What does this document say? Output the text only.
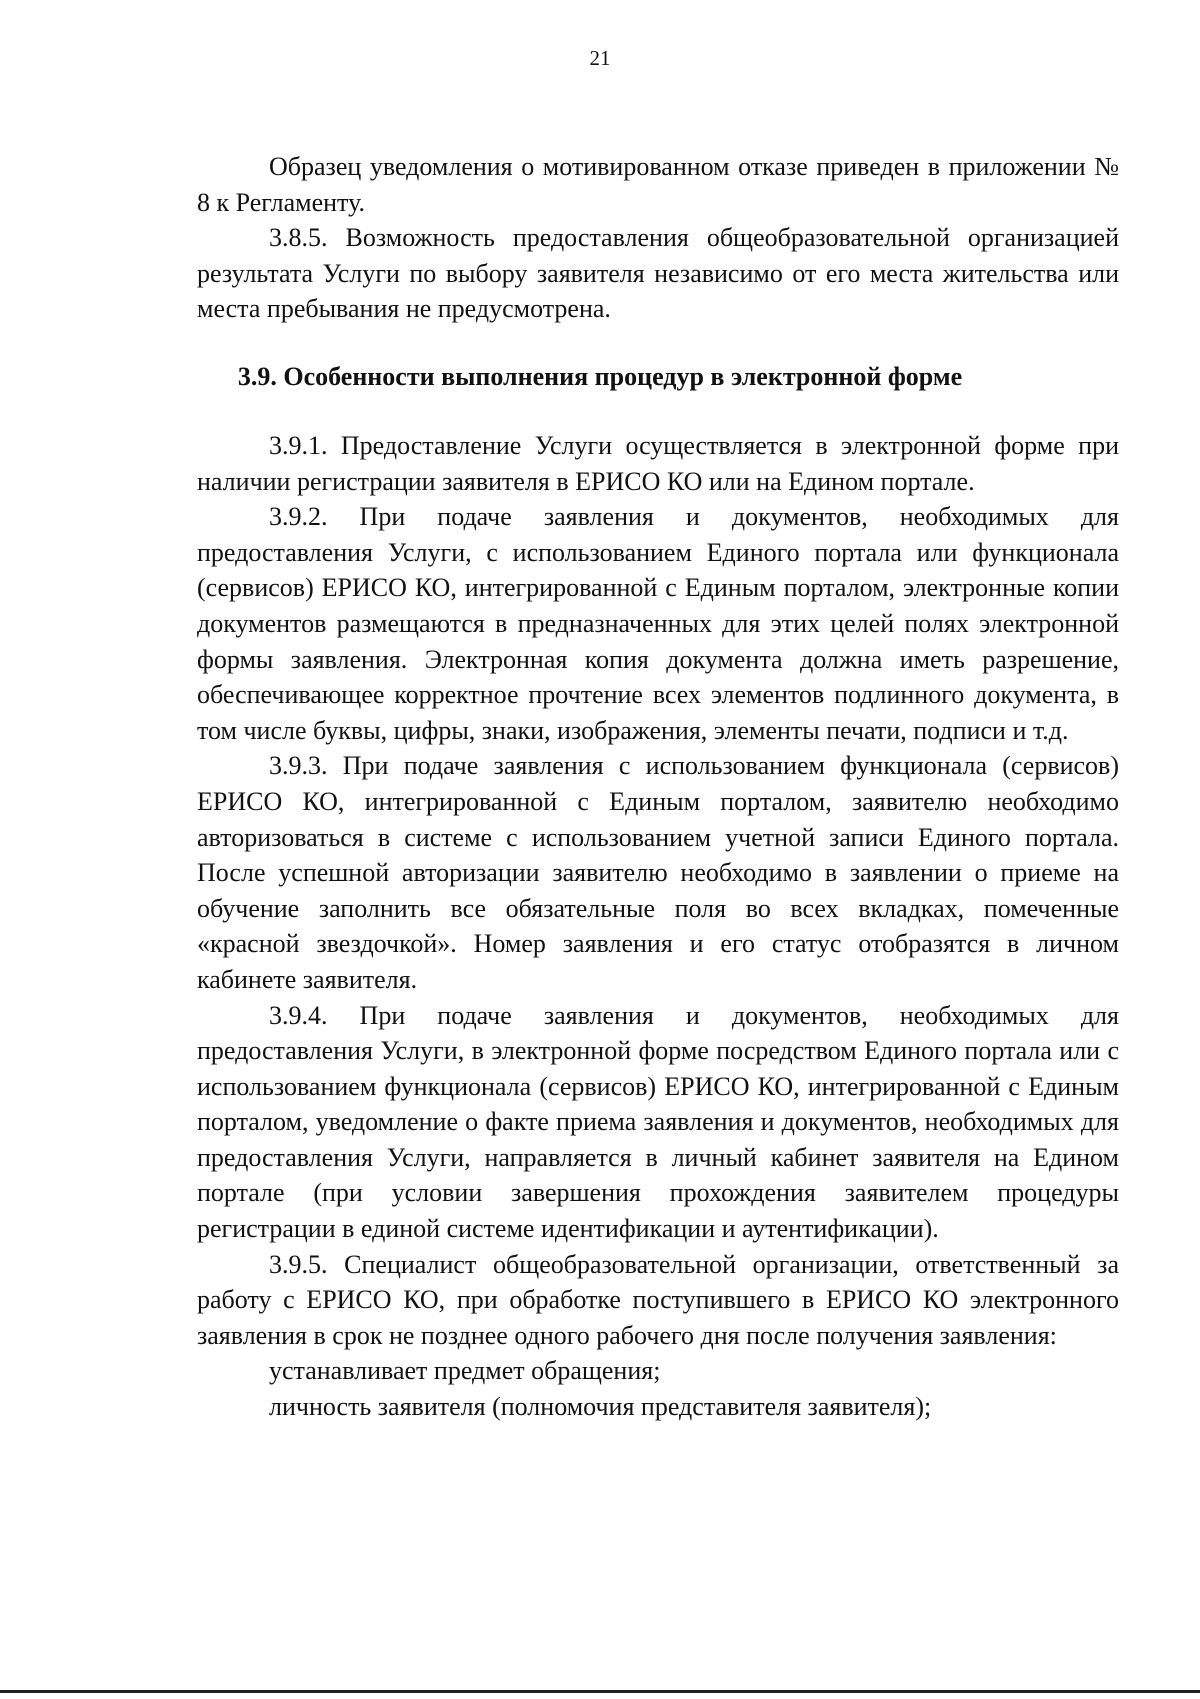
21

Образец уведомления о мотивированном отказе приведен в приложении № 8 к Регламенту.

3.8.5. Возможность предоставления общеобразовательной организацией результата Услуги по выбору заявителя независимо от его места жительства или места пребывания не предусмотрена.

3.9. Особенности выполнения процедур в электронной форме

3.9.1. Предоставление Услуги осуществляется в электронной форме при наличии регистрации заявителя в ЕРИСО КО или на Едином портале.

3.9.2. При подаче заявления и документов, необходимых для предоставления Услуги, с использованием Единого портала или функционала (сервисов) ЕРИСО КО, интегрированной с Единым порталом, электронные копии документов размещаются в предназначенных для этих целей полях электронной формы заявления. Электронная копия документа должна иметь разрешение, обеспечивающее корректное прочтение всех элементов подлинного документа, в том числе буквы, цифры, знаки, изображения, элементы печати, подписи и т.д.

3.9.3. При подаче заявления с использованием функционала (сервисов) ЕРИСО КО, интегрированной с Единым порталом, заявителю необходимо авторизоваться в системе с использованием учетной записи Единого портала. После успешной авторизации заявителю необходимо в заявлении о приеме на обучение заполнить все обязательные поля во всех вкладках, помеченные «красной звездочкой». Номер заявления и его статус отобразятся в личном кабинете заявителя.

3.9.4. При подаче заявления и документов, необходимых для предоставления Услуги, в электронной форме посредством Единого портала или с использованием функционала (сервисов) ЕРИСО КО, интегрированной с Единым порталом, уведомление о факте приема заявления и документов, необходимых для предоставления Услуги, направляется в личный кабинет заявителя на Едином портале (при условии завершения прохождения заявителем процедуры регистрации в единой системе идентификации и аутентификации).

3.9.5. Специалист общеобразовательной организации, ответственный за работу с ЕРИСО КО, при обработке поступившего в ЕРИСО КО электронного заявления в срок не позднее одного рабочего дня после получения заявления:

устанавливает предмет обращения;

личность заявителя (полномочия представителя заявителя);
